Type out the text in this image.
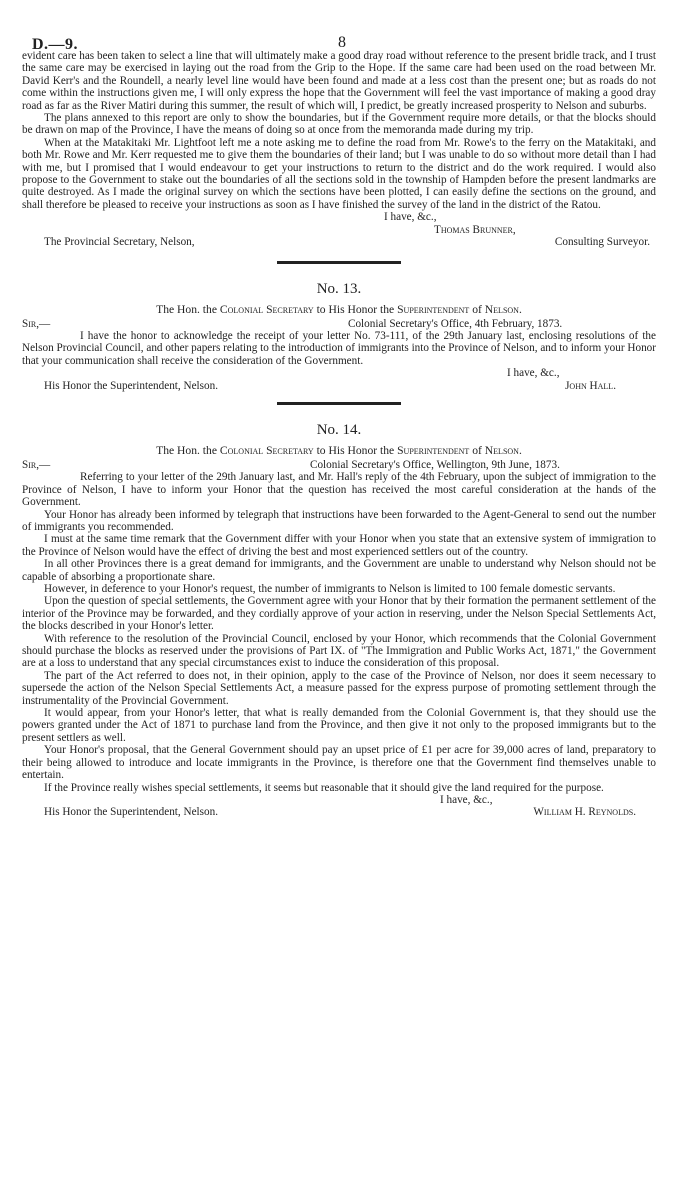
D.—9.	8

evident care has been taken to select a line that will ultimately make a good dray road without reference to the present bridle track, and I trust the same care may be exercised in laying out the road from the Grip to the Hope. If the same care had been used on the road between Mr. David Kerr's and the Roundell, a nearly level line would have been found and made at a less cost than the present one; but as roads do not come within the instructions given me, I will only express the hope that the Government will feel the vast importance of making a good dray road as far as the River Matiri during this summer, the result of which will, I predict, be greatly increased prosperity to Nelson and suburbs.

The plans annexed to this report are only to show the boundaries, but if the Government require more details, or that the blocks should be drawn on map of the Province, I have the means of doing so at once from the memoranda made during my trip.

When at the Matakitaki Mr. Lightfoot left me a note asking me to define the road from Mr. Rowe's to the ferry on the Matakitaki, and both Mr. Rowe and Mr. Kerr requested me to give them the boundaries of their land; but I was unable to do so without more detail than I had with me, but I promised that I would endeavour to get your instructions to return to the district and do the work required. I would also propose to the Government to stake out the boundaries of all the sections sold in the township of Hampden before the present landmarks are quite destroyed. As I made the original survey on which the sections have been plotted, I can easily define the sections on the ground, and shall therefore be pleased to receive your instructions as soon as I have finished the survey of the land in the district of the Ratou.

I have, &c.,
Thomas Brunner,
The Provincial Secretary, Nelson,	Consulting Surveyor.
No. 13.
The Hon. the Colonial Secretary to His Honor the Superintendent of Nelson.
Sir,—	Colonial Secretary's Office, 4th February, 1873.

I have the honor to acknowledge the receipt of your letter No. 73-111, of the 29th January last, enclosing resolutions of the Nelson Provincial Council, and other papers relating to the introduction of immigrants into the Province of Nelson, and to inform your Honor that your communication shall receive the consideration of the Government.

I have, &c.,
His Honor the Superintendent, Nelson.	John Hall.
No. 14.
The Hon. the Colonial Secretary to His Honor the Superintendent of Nelson.
Sir,—	Colonial Secretary's Office, Wellington, 9th June, 1873.

Referring to your letter of the 29th January last, and Mr. Hall's reply of the 4th February, upon the subject of immigration to the Province of Nelson, I have to inform your Honor that the question has received the most careful consideration at the hands of the Government.

Your Honor has already been informed by telegraph that instructions have been forwarded to the Agent-General to send out the number of immigrants you recommended.

I must at the same time remark that the Government differ with your Honor when you state that an extensive system of immigration to the Province of Nelson would have the effect of driving the best and most experienced settlers out of the country.

In all other Provinces there is a great demand for immigrants, and the Government are unable to understand why Nelson should not be capable of absorbing a proportionate share.

However, in deference to your Honor's request, the number of immigrants to Nelson is limited to 100 female domestic servants.

Upon the question of special settlements, the Government agree with your Honor that by their formation the permanent settlement of the interior of the Province may be forwarded, and they cordially approve of your action in reserving, under the Nelson Special Settlements Act, the blocks described in your Honor's letter.

With reference to the resolution of the Provincial Council, enclosed by your Honor, which recommends that the Colonial Government should purchase the blocks as reserved under the provisions of Part IX. of "The Immigration and Public Works Act, 1871," the Government are at a loss to understand that any special circumstances exist to induce the consideration of this proposal.

The part of the Act referred to does not, in their opinion, apply to the case of the Province of Nelson, nor does it seem necessary to supersede the action of the Nelson Special Settlements Act, a measure passed for the express purpose of promoting settlement through the instrumentality of the Provincial Government.

It would appear, from your Honor's letter, that what is really demanded from the Colonial Government is, that they should use the powers granted under the Act of 1871 to purchase land from the Province, and then give it not only to the proposed immigrants but to the present settlers as well.

Your Honor's proposal, that the General Government should pay an upset price of £1 per acre for 39,000 acres of land, preparatory to their being allowed to introduce and locate immigrants in the Province, is therefore one that the Government find themselves unable to entertain.

If the Province really wishes special settlements, it seems but reasonable that it should give the land required for the purpose.

I have, &c.,
His Honor the Superintendent, Nelson.	William H. Reynolds.
